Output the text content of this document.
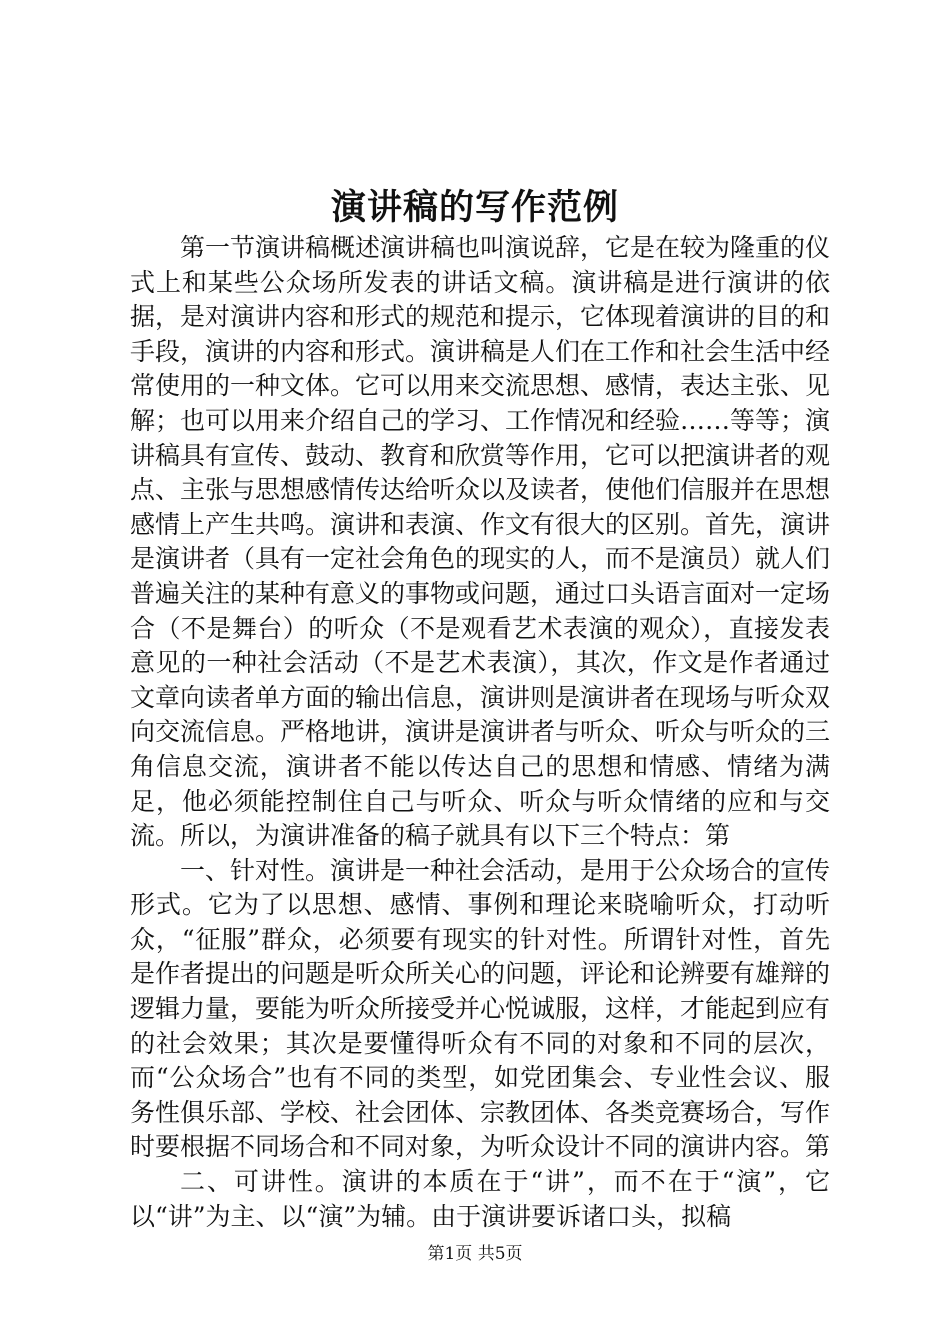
演讲稿的写作范例

第一节演讲稿概述演讲稿也叫演说辞，它是在较为隆重的仪式上和某些公众场所发表的讲话文稿。演讲稿是进行演讲的依据，是对演讲内容和形式的规范和提示，它体现着演讲的目的和手段，演讲的内容和形式。演讲稿是人们在工作和社会生活中经常使用的一种文体。它可以用来交流思想、感情，表达主张、见解；也可以用来介绍自己的学习、工作情况和经验……等等；演讲稿具有宣传、鼓动、教育和欣赏等作用，它可以把演讲者的观点、主张与思想感情传达给听众以及读者，使他们信服并在思想感情上产生共鸣。演讲和表演、作文有很大的区别。首先，演讲是演讲者（具有一定社会角色的现实的人，而不是演员）就人们普遍关注的某种有意义的事物或问题，通过口头语言面对一定场合（不是舞台）的听众（不是观看艺术表演的观众），直接发表意见的一种社会活动（不是艺术表演），其次，作文是作者通过文章向读者单方面的输出信息，演讲则是演讲者在现场与听众双向交流信息。严格地讲，演讲是演讲者与听众、听众与听众的三角信息交流，演讲者不能以传达自己的思想和情感、情绪为满足，他必须能控制住自己与听众、听众与听众情绪的应和与交流。所以，为演讲准备的稿子就具有以下三个特点：第

一、针对性。演讲是一种社会活动，是用于公众场合的宣传形式。它为了以思想、感情、事例和理论来晓喻听众，打动听众，“征服”群众，必须要有现实的针对性。所谓针对性，首先是作者提出的问题是听众所关心的问题，评论和论辨要有雄辩的逻辑力量，要能为听众所接受并心悦诚服，这样，才能起到应有的社会效果；其次是要懂得听众有不同的对象和不同的层次，而“公众场合”也有不同的类型，如党团集会、专业性会议、服务性俱乐部、学校、社会团体、宗教团体、各类竞赛场合，写作时要根据不同场合和不同对象，为听众设计不同的演讲内容。第

二、可讲性。演讲的本质在于“讲”，而不在于“演”，它以“讲”为主、以“演”为辅。由于演讲要诉诸口头，拟稿

第1页 共5页
